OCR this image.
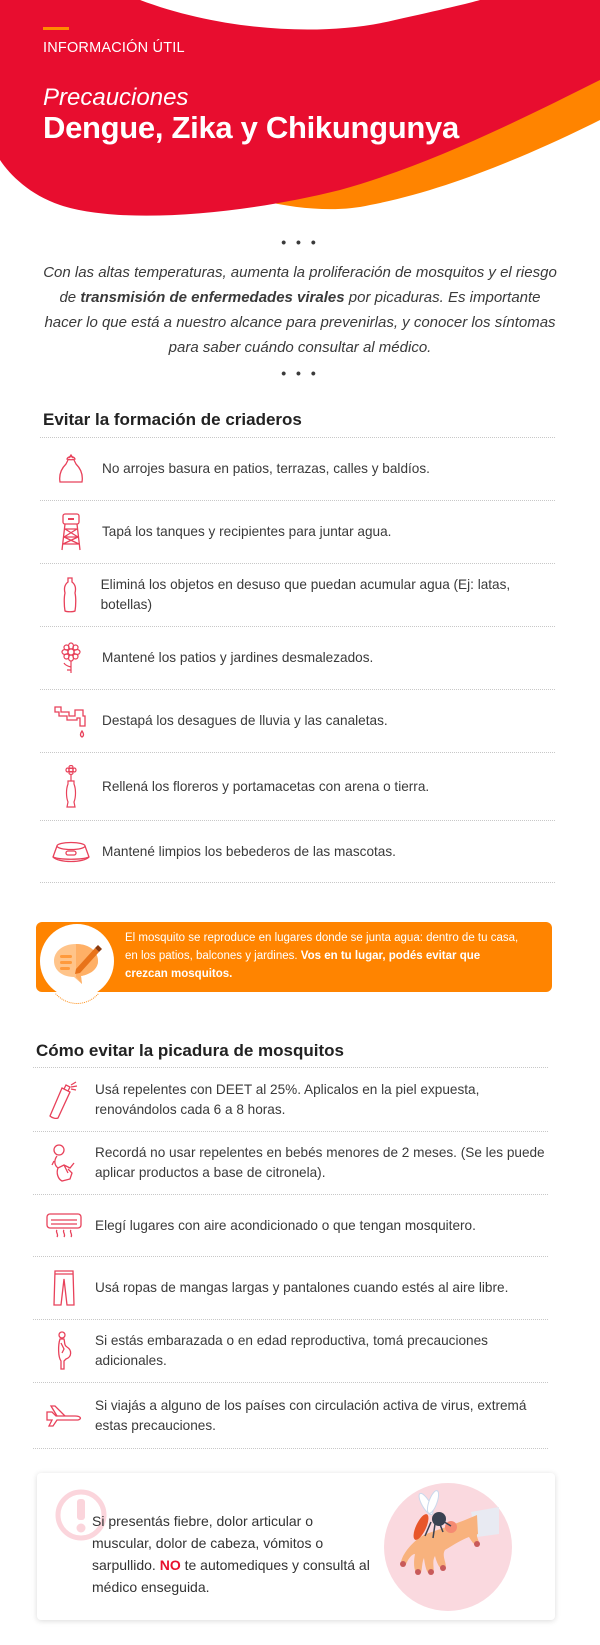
INFORMACIÓN ÚTIL
Precauciones
Dengue, Zika y Chikungunya
• • •
Con las altas temperaturas, aumenta la proliferación de mosquitos y el riesgo de transmisión de enfermedades virales por picaduras. Es importante hacer lo que está a nuestro alcance para prevenirlas, y conocer los síntomas para saber cuándo consultar al médico.
• • •
Evitar la formación de criaderos
No arrojes basura en patios, terrazas, calles y baldíos.
Tapá los tanques y recipientes para juntar agua.
Eliminá los objetos en desuso que puedan acumular agua (Ej: latas, botellas)
Mantené los patios y jardines desmalezados.
Destapá los desagues de lluvia y las canaletas.
Rellená los floreros y portamacetas con arena o tierra.
Mantené limpios los bebederos de las mascotas.
El mosquito se reproduce en lugares donde se junta agua: dentro de tu casa, en los patios, balcones y jardines. Vos en tu lugar, podés evitar que crezcan mosquitos.
Cómo evitar la picadura de mosquitos
Usá repelentes con DEET al 25%. Aplicalos en la piel expuesta, renovándolos cada 6 a 8 horas.
Recordá no usar repelentes en bebés menores de 2 meses. (Se les puede aplicar productos a base de citronela).
Elegí lugares con aire acondicionado o que tengan mosquitero.
Usá ropas de mangas largas y pantalones cuando estés al aire libre.
Si estás embarazada o en edad reproductiva, tomá precauciones adicionales.
Si viajás a alguno de los países con circulación activa de virus, extremá estas precauciones.
Si presentás fiebre, dolor articular o muscular, dolor de cabeza, vómitos o sarpullido. NO te automediques y consultá al médico enseguida.
